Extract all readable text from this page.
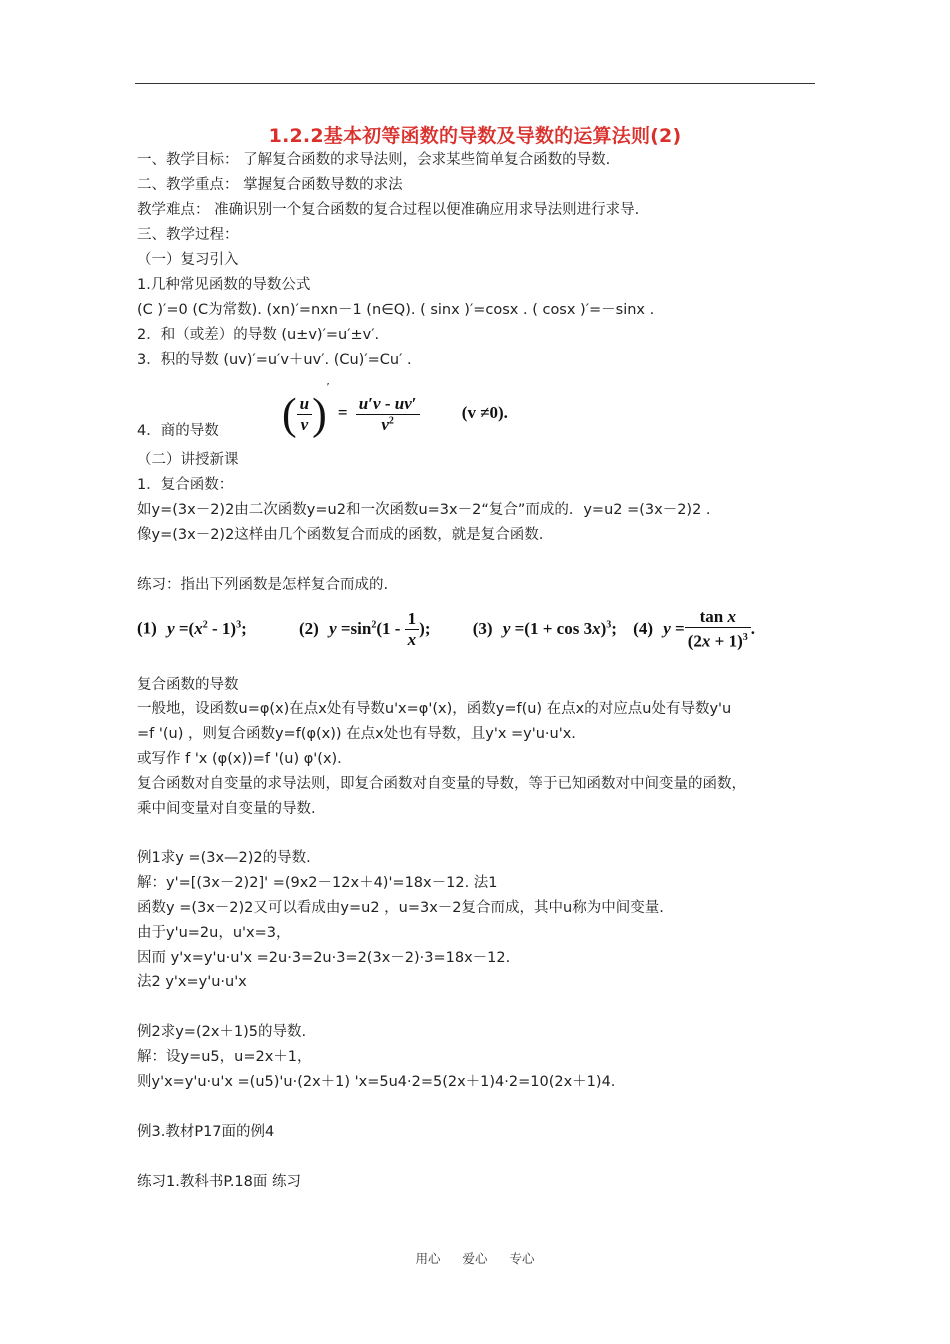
1.2.2基本初等函数的导数及导数的运算法则(2)
一、教学目标： 了解复合函数的求导法则，会求某些简单复合函数的导数.
二、教学重点： 掌握复合函数导数的求法
教学难点： 准确识别一个复合函数的复合过程以便准确应用求导法则进行求导.
三、教学过程：
（一）复习引入
1.几种常见函数的导数公式
(C )′=0 (C为常数). (xn)′=nxn－1 (n∈Q). ( sinx )′=cosx . ( cosx )′=－sinx .
2．和（或差）的导数 (u±v)′=u′±v′.
3．积的导数 (uv)′=u′v＋uv′. (Cu)′=Cu′ .
( $\frac{u}{v} )' = \frac{u'v - uv'}{v^2} (v \ne 0)$.
4．商的导数
（二）讲授新课
1．复合函数：
如y=(3x－2)2由二次函数y=u2和一次函数u=3x－2“复合”而成的．y=u2 =(3x－2)2 .
像y=(3x－2)2这样由几个函数复合而成的函数，就是复合函数.
练习：指出下列函数是怎样复合而成的.
(1) $y =(x^2 - 1)^3$;	(2) $y =\sin^2(1 - \frac{1}{x}$ ); (3) $y =(1 + \cos 3x)^3$; (4) $y = \frac{\text{tan x}}{(2x + 1)^3}$ .
复合函数的导数
一般地，设函数u=φ(x)在点x处有导数u'x=φ'(x)，函数y=f(u) 在点x的对应点u处有导数y'u
=f '(u) ，则复合函数y=f(φ(x)) 在点x处也有导数，且y'x =y'u·u'x.
或写作 f 'x (φ(x))=f '(u) φ'(x).
复合函数对自变量的求导法则，即复合函数对自变量的导数，等于已知函数对中间变量的函数，
乘中间变量对自变量的导数.
例1求y =(3x—2)2的导数.
解：y'=[(3x－2)2]' =(9x2－12x＋4)'=18x－12. 法1
函数y =(3x－2)2又可以看成由y=u2 ，u=3x－2复合而成，其中u称为中间变量.
由于y'u=2u，u'x=3，
因而 y'x=y'u·u'x =2u·3=2u·3=2(3x－2)·3=18x－12.
法2 y'x=y'u·u'x
例2求y=(2x＋1)5的导数.
解：设y=u5，u=2x＋1，
则y'x=y'u·u'x =(u5)'u·(2x＋1) 'x=5u4·2=5(2x＋1)4·2=10(2x＋1)4.
例3.教材P17面的例4
练习1.教科书P.18面 练习
用心 爱心 专心
